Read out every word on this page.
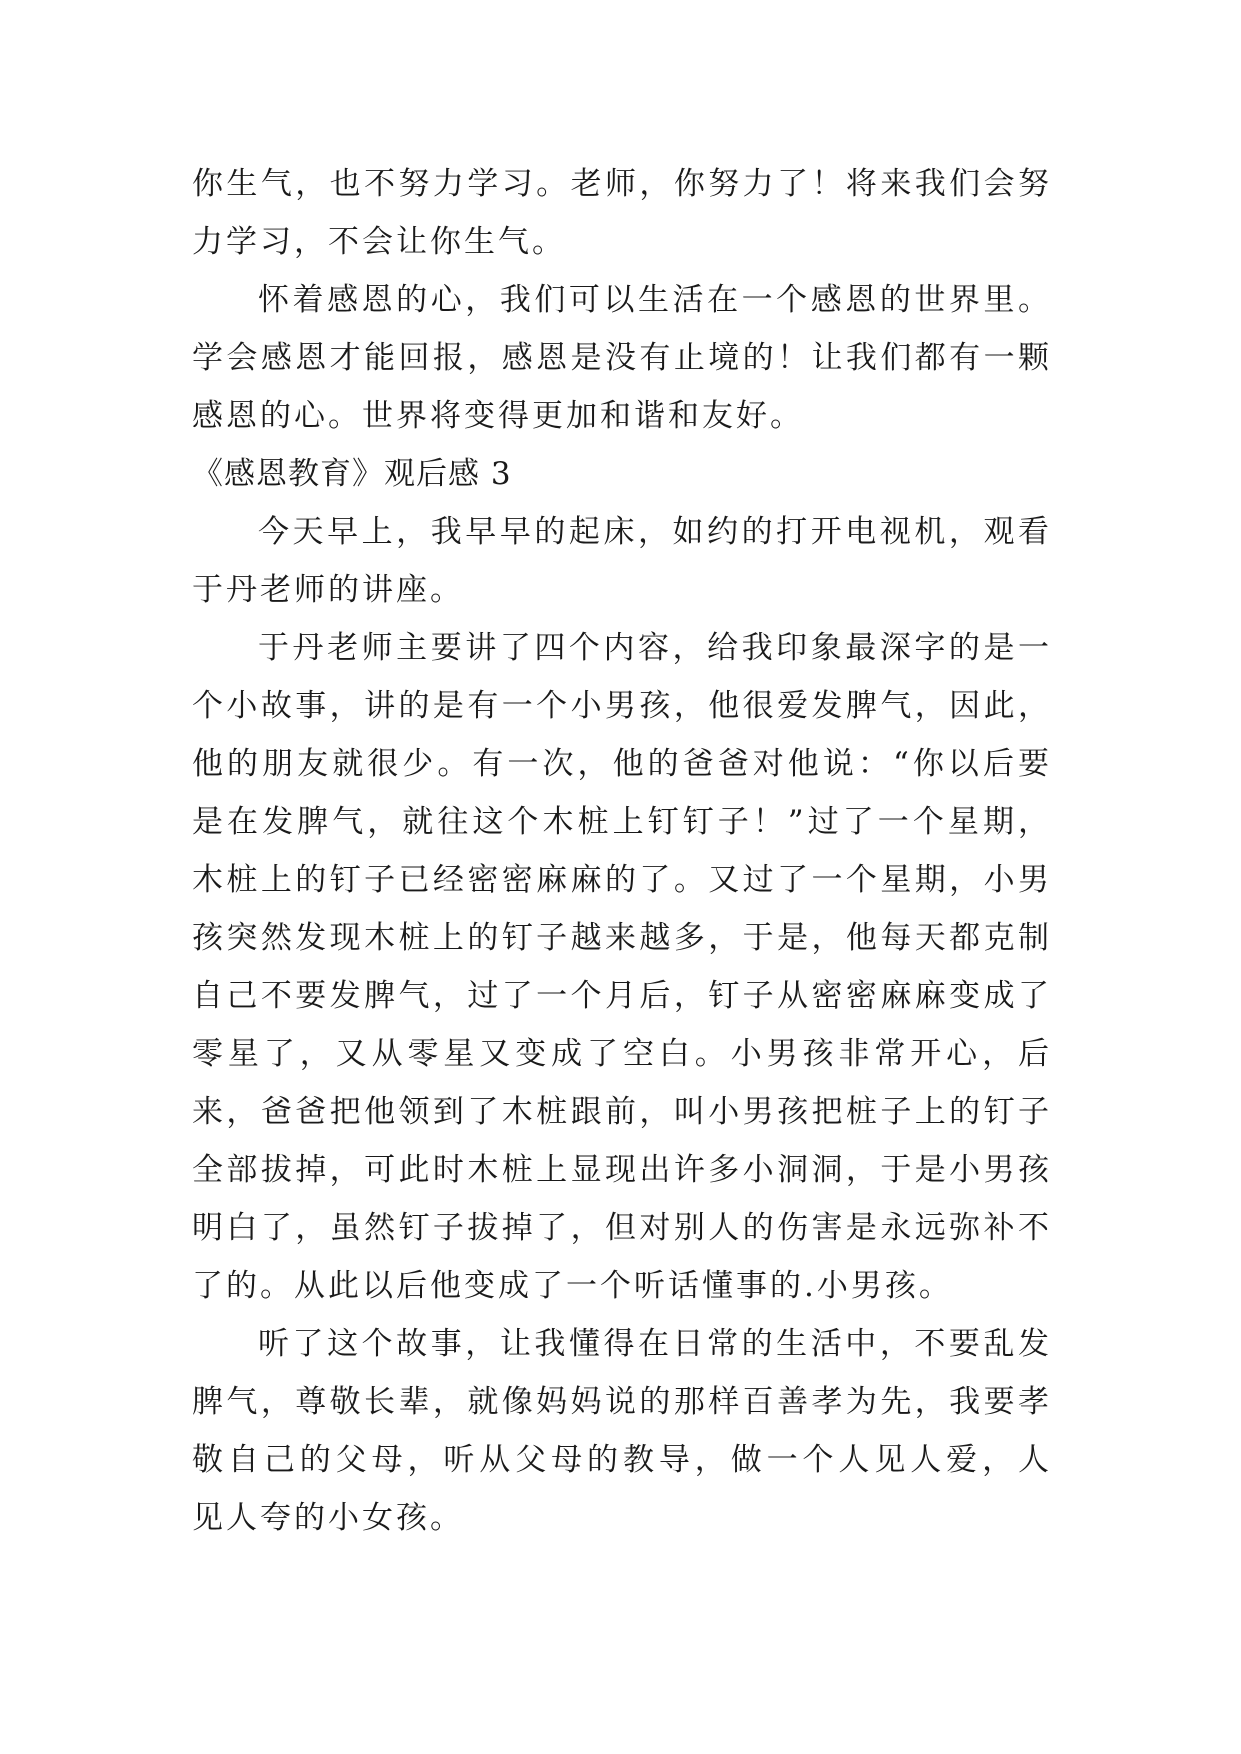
你生气，也不努力学习。老师，你努力了！将来我们会努力学习，不会让你生气。

怀着感恩的心，我们可以生活在一个感恩的世界里。学会感恩才能回报，感恩是没有止境的！让我们都有一颗感恩的心。世界将变得更加和谐和友好。

《感恩教育》观后感 3

今天早上，我早早的起床，如约的打开电视机，观看于丹老师的讲座。

于丹老师主要讲了四个内容，给我印象最深字的是一个小故事，讲的是有一个小男孩，他很爱发脾气，因此，他的朋友就很少。有一次，他的爸爸对他说：“你以后要是在发脾气，就往这个木桩上钉钉子！”过了一个星期，木桩上的钉子已经密密麻麻的了。又过了一个星期，小男孩突然发现木桩上的钉子越来越多，于是，他每天都克制自己不要发脾气，过了一个月后，钉子从密密麻麻变成了零星了，又从零星又变成了空白。小男孩非常开心，后来，爸爸把他领到了木桩跟前，叫小男孩把桩子上的钉子全部拔掉，可此时木桩上显现出许多小洞洞，于是小男孩明白了，虽然钉子拔掉了，但对别人的伤害是永远弥补不了的。从此以后他变成了一个听话懂事的.小男孩。

听了这个故事，让我懂得在日常的生活中，不要乱发脾气，尊敬长辈，就像妈妈说的那样百善孝为先，我要孝敬自己的父母，听从父母的教导，做一个人见人爱，人 见人夸的小女孩。
